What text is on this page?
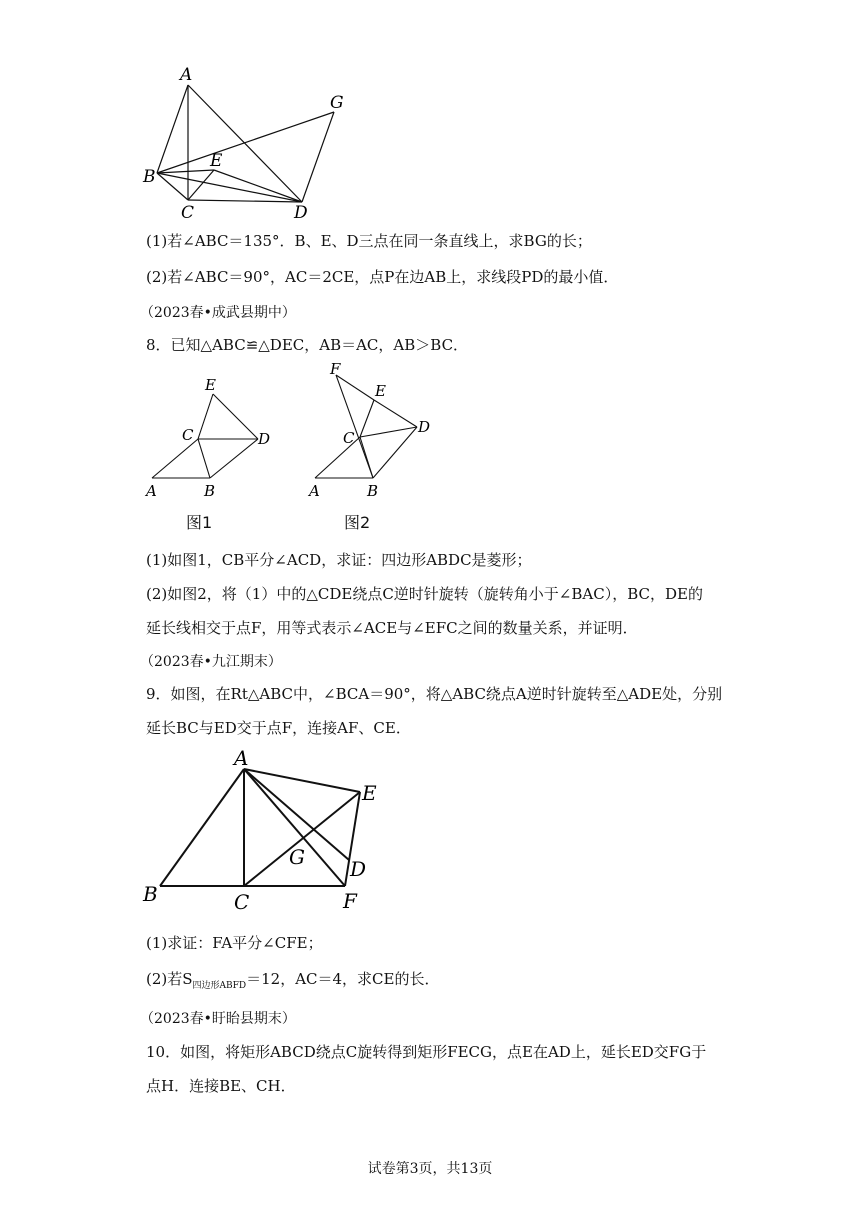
A
B
C	D
E
G
(1)若∠ABC＝135°．B、E、D三点在同一条直线上，求BG的长；
(2)若∠ABC＝90°，AC＝2CE，点P在边AB上，求线段PD的最小值．
（2023春•成武县期中）
8．已知△ABC≌△DEC，AB＝AC，AB＞BC．
A	B
C	D
E
F
E
C
D
A	B
图1	图2
(1)如图1，CB平分∠ACD，求证：四边形ABDC是菱形；
(2)如图2，将（1）中的△CDE绕点C逆时针旋转（旋转角小于∠BAC），BC，DE的
延长线相交于点F，用等式表示∠ACE与∠EFC之间的数量关系，并证明．
（2023春•九江期末）
9．如图，在Rt△ABC中，∠BCA＝90°，将△ABC绕点A逆时针旋转至△ADE处，分别
延长BC与ED交于点F，连接AF、CE．
A
B	C	F
E
D
G
(1)求证：FA平分∠CFE；
(2)若$S_{四边形ABFD}=12$，AC＝4，求CE的长．
（2023春•盱眙县期末）
10．如图，将矩形ABCD绕点C旋转得到矩形FECG，点E在AD上，延长ED交FG于
点H．连接BE、CH．
试卷第3页，共13页
